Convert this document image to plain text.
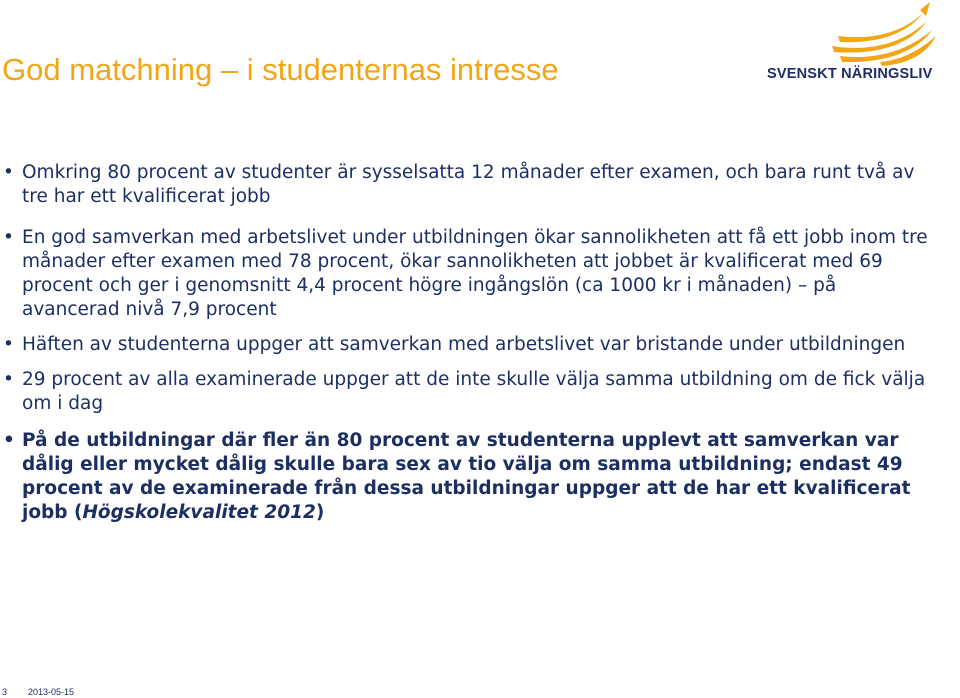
God matchning – i studenternas intresse	SVENSKT NÄRINGSLIV
• Omkring 80 procent av studenter är sysselsatta 12 månader efter examen, och bara runt två av tre har ett kvalificerat jobb
• En god samverkan med arbetslivet under utbildningen ökar sannolikheten att få ett jobb inom tre månader efter examen med 78 procent, ökar sannolikheten att jobbet är kvalificerat med 69 procent och ger i genomsnitt 4,4 procent högre ingångslön (ca 1000 kr i månaden) – på avancerad nivå 7,9 procent
• Häften av studenterna uppger att samverkan med arbetslivet var bristande under utbildningen
• 29 procent av alla examinerade uppger att de inte skulle välja samma utbildning om de fick välja om i dag
• På de utbildningar där fler än 80 procent av studenterna upplevt att samverkan var dålig eller mycket dålig skulle bara sex av tio välja om samma utbildning; endast 49 procent av de examinerade från dessa utbildningar uppger att de har ett kvalificerat jobb (Högskolekvalitet 2012)
3 2013-05-15
